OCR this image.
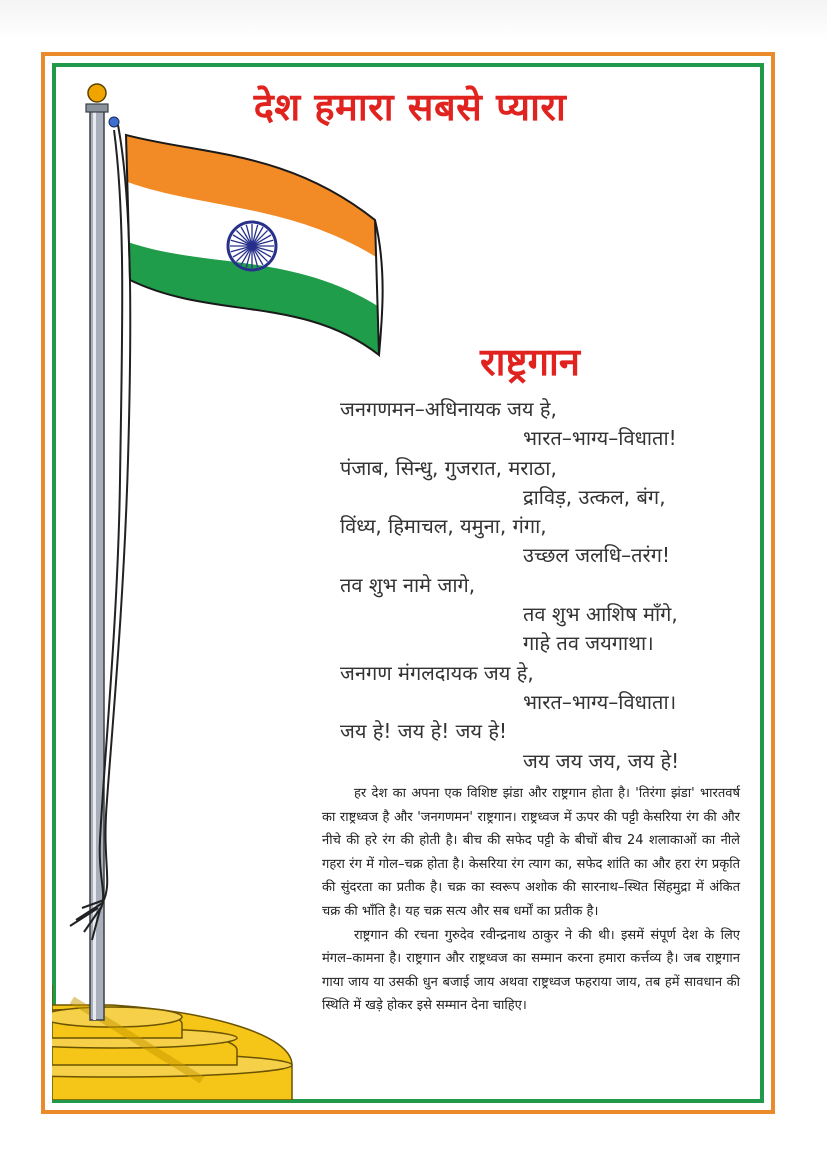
देश हमारा सबसे प्यारा
राष्ट्रगान
जनगणमन–अधिनायक जय हे,
भारत–भाग्य–विधाता!
पंजाब, सिन्धु, गुजरात, मराठा,
द्राविड़, उत्कल, बंग,
विंध्य, हिमाचल, यमुना, गंगा,
उच्छल जलधि–तरंग!
तव शुभ नामे जागे,
तव शुभ आशिष माँगे,
गाहे तव जयगाथा।
जनगण मंगलदायक जय हे,
भारत–भाग्य–विधाता।
जय हे! जय हे! जय हे!
जय जय जय, जय हे!

हर देश का अपना एक विशिष्ट झंडा और राष्ट्रगान होता है। 'तिरंगा झंडा' भारतवर्ष का राष्ट्रध्वज है और 'जनगणमन' राष्ट्रगान। राष्ट्रध्वज में ऊपर की पट्टी केसरिया रंग की और नीचे की हरे रंग की होती है। बीच की सफेद पट्टी के बीचों बीच 24 शलाकाओं का नीले गहरा रंग में गोल–चक्र होता है। केसरिया रंग त्याग का, सफेद शांति का और हरा रंग प्रकृति की सुंदरता का प्रतीक है। चक्र का स्वरूप अशोक की सारनाथ–स्थित सिंहमुद्रा में अंकित चक्र की भाँति है। यह चक्र सत्य और सब धर्मों का प्रतीक है।

राष्ट्रगान की रचना गुरुदेव रवीन्द्रनाथ ठाकुर ने की थी। इसमें संपूर्ण देश के लिए मंगल–कामना है। राष्ट्रगान और राष्ट्रध्वज का सम्मान करना हमारा कर्त्तव्य है। जब राष्ट्रगान गाया जाय या उसकी धुन बजाई जाय अथवा राष्ट्रध्वज फहराया जाय, तब हमें सावधान की स्थिति में खड़े होकर इसे सम्मान देना चाहिए।
